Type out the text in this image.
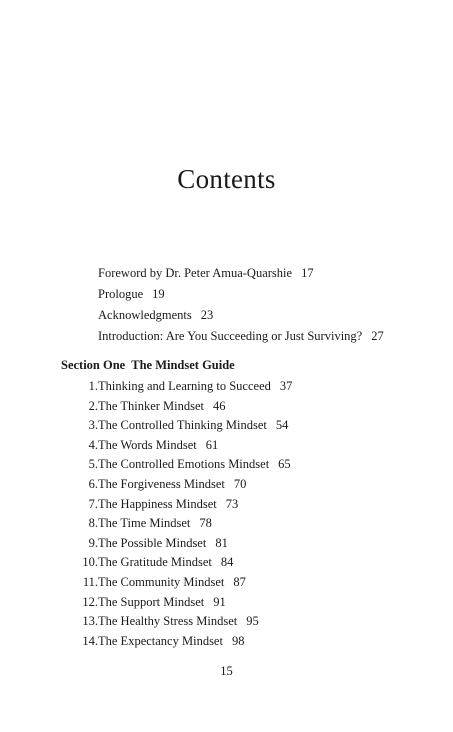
Contents
Foreword by Dr. Peter Amua-Quarshie 17
Prologue 19
Acknowledgments 23
Introduction: Are You Succeeding or Just Surviving? 27
Section One The Mindset Guide
1.Thinking and Learning to Succeed 37
2.The Thinker Mindset 46
3.The Controlled Thinking Mindset 54
4.The Words Mindset 61
5.The Controlled Emotions Mindset 65
6.The Forgiveness Mindset 70
7.The Happiness Mindset 73
8.The Time Mindset 78
9.The Possible Mindset 81
10.The Gratitude Mindset 84
11.The Community Mindset 87
12.The Support Mindset 91
13.The Healthy Stress Mindset 95
14.The Expectancy Mindset 98
15
